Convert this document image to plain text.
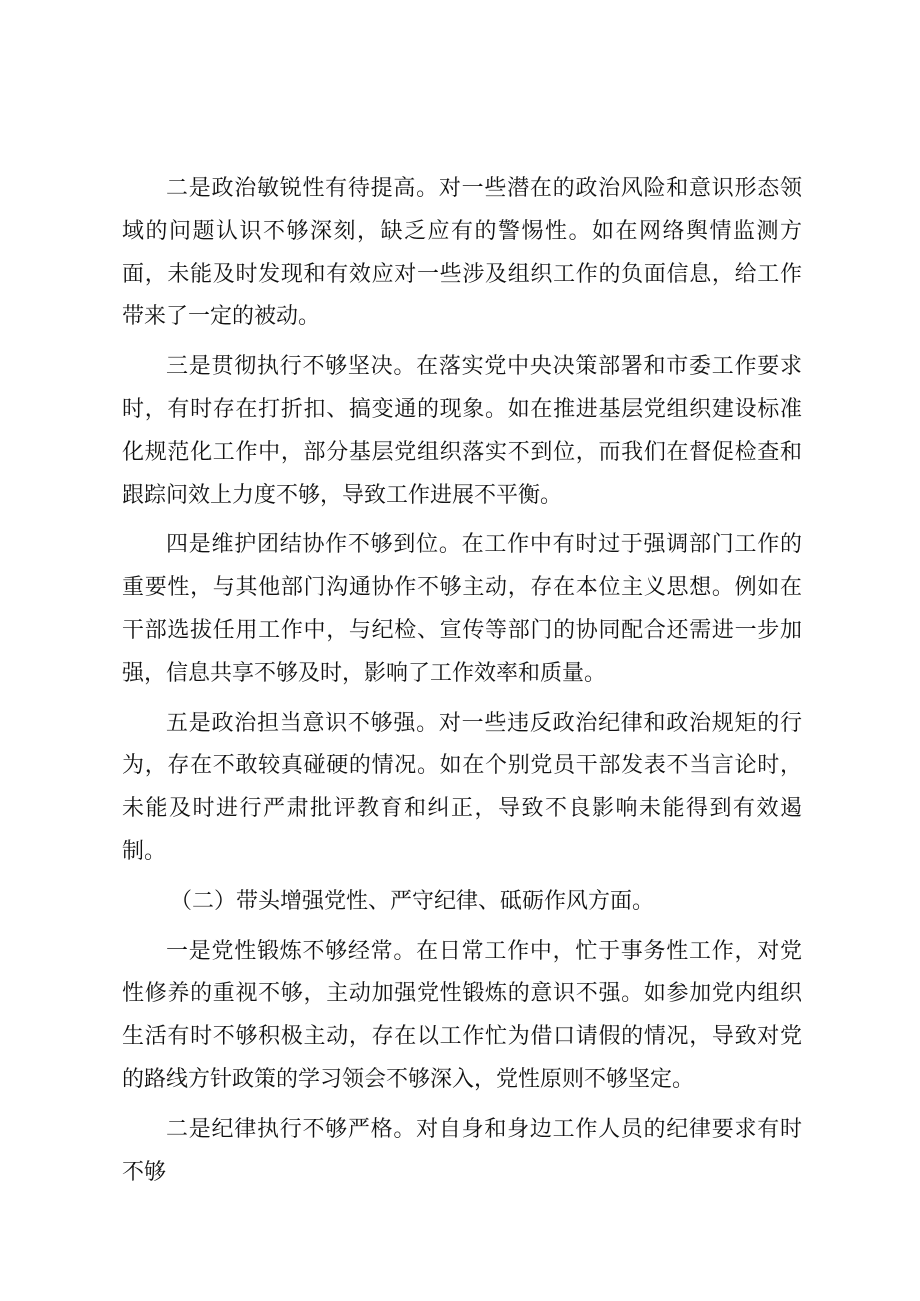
二是政治敏锐性有待提高。对一些潜在的政治风险和意识形态领域的问题认识不够深刻，缺乏应有的警惕性。如在网络舆情监测方面，未能及时发现和有效应对一些涉及组织工作的负面信息，给工作带来了一定的被动。

三是贯彻执行不够坚决。在落实党中央决策部署和市委工作要求时，有时存在打折扣、搞变通的现象。如在推进基层党组织建设标准化规范化工作中，部分基层党组织落实不到位，而我们在督促检查和跟踪问效上力度不够，导致工作进展不平衡。

四是维护团结协作不够到位。在工作中有时过于强调部门工作的重要性，与其他部门沟通协作不够主动，存在本位主义思想。例如在干部选拔任用工作中，与纪检、宣传等部门的协同配合还需进一步加强，信息共享不够及时，影响了工作效率和质量。

五是政治担当意识不够强。对一些违反政治纪律和政治规矩的行为，存在不敢较真碰硬的情况。如在个别党员干部发表不当言论时，未能及时进行严肃批评教育和纠正，导致不良影响未能得到有效遏制。

（二）带头增强党性、严守纪律、砥砺作风方面。

一是党性锻炼不够经常。在日常工作中，忙于事务性工作，对党性修养的重视不够，主动加强党性锻炼的意识不强。如参加党内组织生活有时不够积极主动，存在以工作忙为借口请假的情况，导致对党的路线方针政策的学习领会不够深入，党性原则不够坚定。

二是纪律执行不够严格。对自身和身边工作人员的纪律要求有时不够
